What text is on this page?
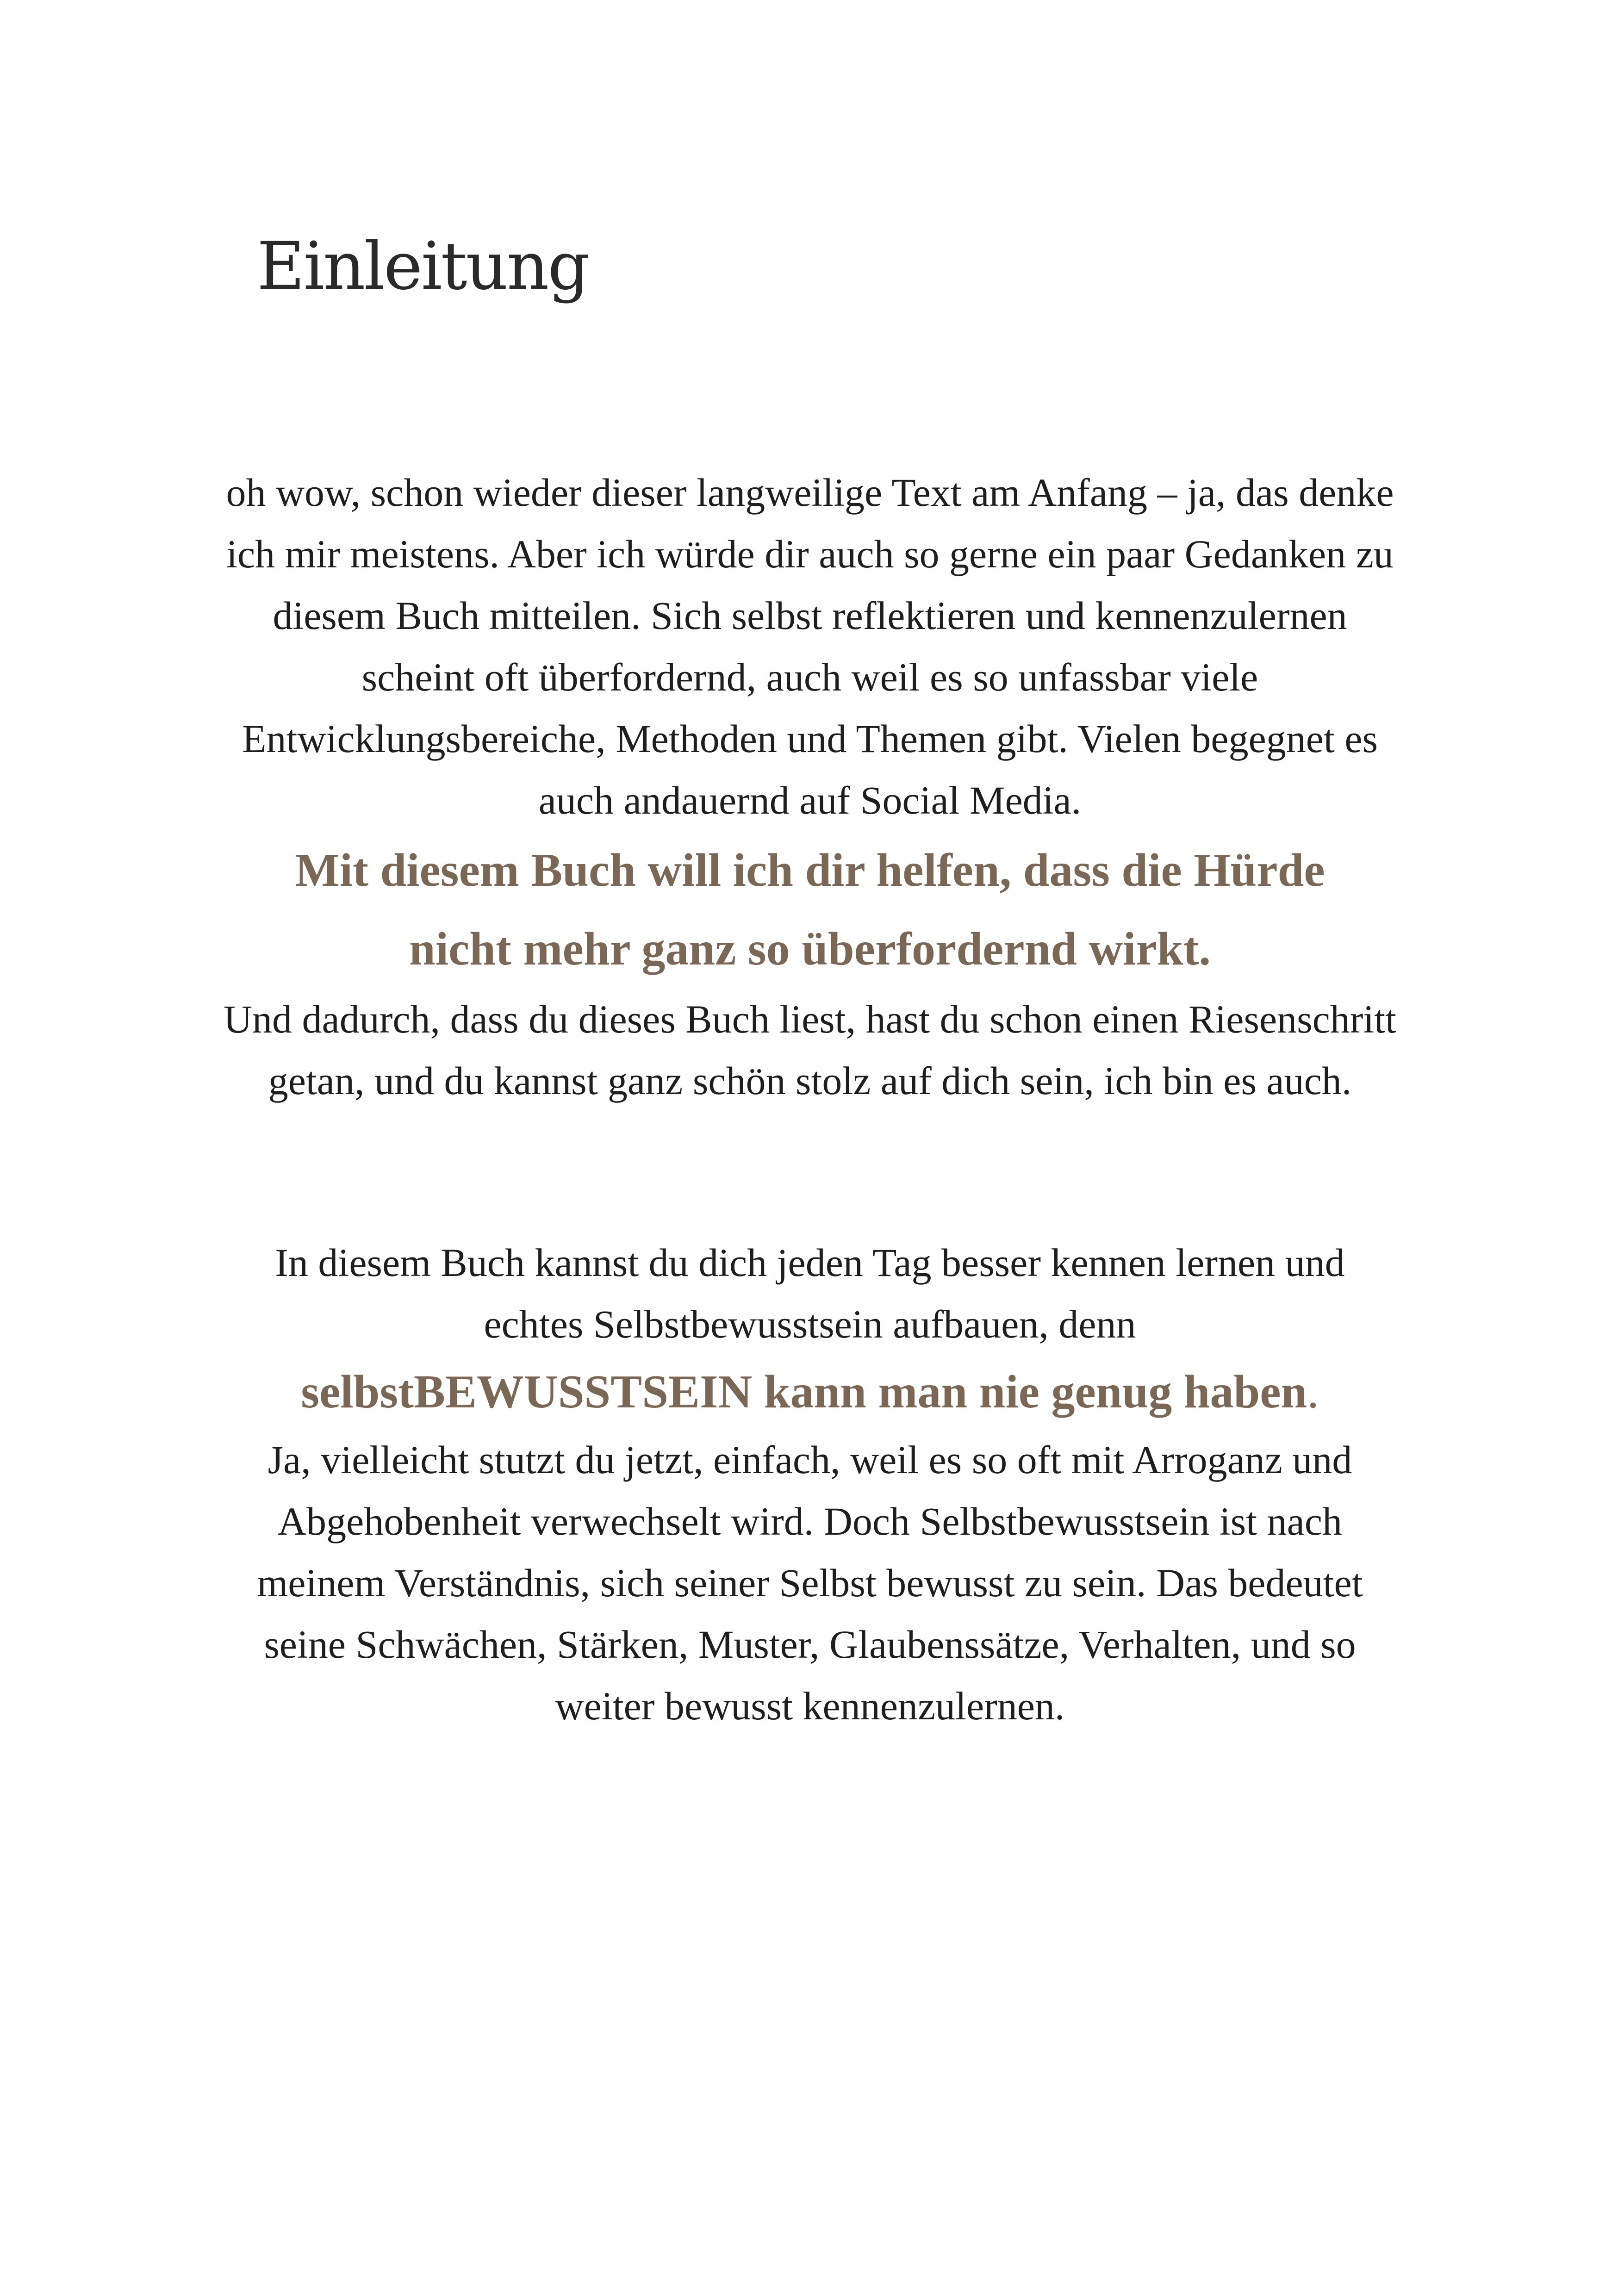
Einleitung
oh wow, schon wieder dieser langweilige Text am Anfang – ja, das denke
ich mir meistens. Aber ich würde dir auch so gerne ein paar Gedanken zu
diesem Buch mitteilen. Sich selbst reflektieren und kennenzulernen
scheint oft überfordernd, auch weil es so unfassbar viele
Entwicklungsbereiche, Methoden und Themen gibt. Vielen begegnet es
auch andauernd auf Social Media.
Mit diesem Buch will ich dir helfen, dass die Hürde
nicht mehr ganz so überfordernd wirkt.
Und dadurch, dass du dieses Buch liest, hast du schon einen Riesenschritt
getan, und du kannst ganz schön stolz auf dich sein, ich bin es auch.
In diesem Buch kannst du dich jeden Tag besser kennen lernen und
echtes Selbstbewusstsein aufbauen, denn
selbstBEWUSSTSEIN kann man nie genug haben.
Ja, vielleicht stutzt du jetzt, einfach, weil es so oft mit Arroganz und
Abgehobenheit verwechselt wird. Doch Selbstbewusstsein ist nach
meinem Verständnis, sich seiner Selbst bewusst zu sein. Das bedeutet
seine Schwächen, Stärken, Muster, Glaubenssätze, Verhalten, und so
weiter bewusst kennenzulernen.
